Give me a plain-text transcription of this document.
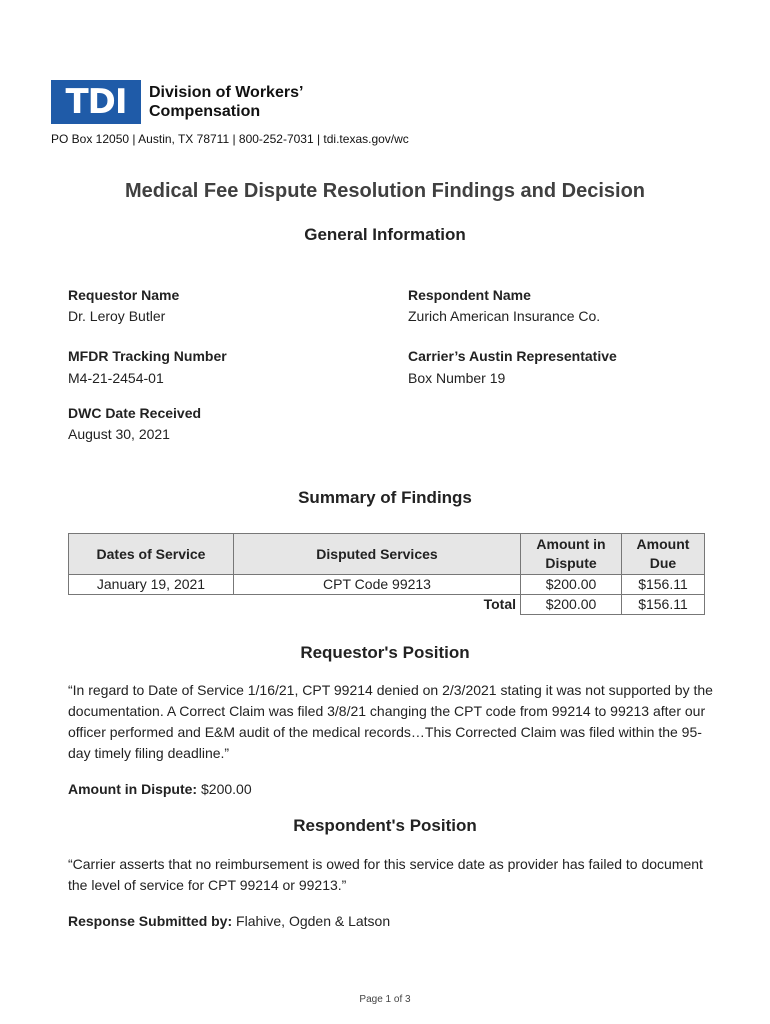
TDI	Division of Workers’
Compensation
PO Box 12050 | Austin, TX 78711 | 800-252-7031 | tdi.texas.gov/wc
Medical Fee Dispute Resolution Findings and Decision
General Information
Requestor Name
Dr. Leroy Butler
Respondent Name
Zurich American Insurance Co.
MFDR Tracking Number
M4-21-2454-01
Carrier’s Austin Representative
Box Number 19
DWC Date Received
August 30, 2021
Summary of Findings
Dates of Service	Disputed Services	Amount in Dispute	Amount Due
January 19, 2021	CPT Code 99213	$200.00	$156.11
	Total	$200.00	$156.11
Requestor's Position
“In regard to Date of Service 1/16/21, CPT 99214 denied on 2/3/2021 stating it was not supported by the documentation. A Correct Claim was filed 3/8/21 changing the CPT code from 99214 to 99213 after our officer performed and E&M audit of the medical records…This Corrected Claim was filed within the 95-day timely filing deadline.”
Amount in Dispute: $200.00
Respondent's Position
“Carrier asserts that no reimbursement is owed for this service date as provider has failed to document the level of service for CPT 99214 or 99213.”
Response Submitted by: Flahive, Ogden & Latson
Page 1 of 3
